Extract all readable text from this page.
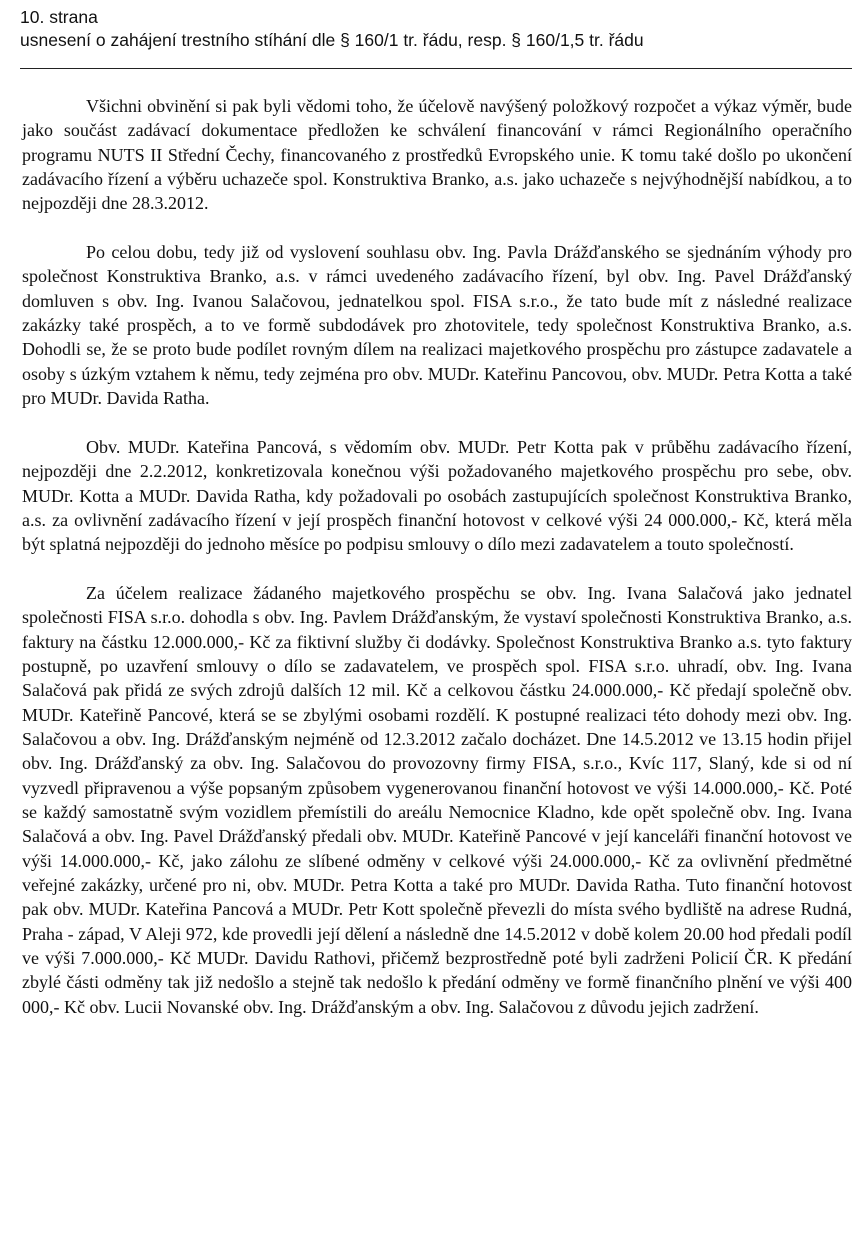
10. strana
usnesení o zahájení trestního stíhání dle § 160/1 tr. řádu, resp. § 160/1,5 tr. řádu

Všichni obvinění si pak byli vědomi toho, že účelově navýšený položkový rozpočet a výkaz výměr, bude jako součást zadávací dokumentace předložen ke schválení financování v rámci Regionálního operačního programu NUTS II Střední Čechy, financovaného z prostředků Evropského unie. K tomu také došlo po ukončení zadávacího řízení a výběru uchazeče spol. Konstruktiva Branko, a.s. jako uchazeče s nejvýhodnější nabídkou, a to nejpozději dne 28.3.2012.

Po celou dobu, tedy již od vyslovení souhlasu obv. Ing. Pavla Drážďanského se sjednáním výhody pro společnost Konstruktiva Branko, a.s. v rámci uvedeného zadávacího řízení, byl obv. Ing. Pavel Drážďanský domluven s obv. Ing. Ivanou Salačovou, jednatelkou spol. FISA s.r.o., že tato bude mít z následné realizace zakázky také prospěch, a to ve formě subdodávek pro zhotovitele, tedy společnost Konstruktiva Branko, a.s. Dohodli se, že se proto bude podílet rovným dílem na realizaci majetkového prospěchu pro zástupce zadavatele a osoby s úzkým vztahem k němu, tedy zejména pro obv. MUDr. Kateřinu Pancovou, obv. MUDr. Petra Kotta a také pro MUDr. Davida Ratha.

Obv. MUDr. Kateřina Pancová, s vědomím obv. MUDr. Petr Kotta pak v průběhu zadávacího řízení, nejpozději dne 2.2.2012, konkretizovala konečnou výši požadovaného majetkového prospěchu pro sebe, obv. MUDr. Kotta a MUDr. Davida Ratha, kdy požadovali po osobách zastupujících společnost Konstruktiva Branko, a.s. za ovlivnění zadávacího řízení v její prospěch finanční hotovost v celkové výši 24 000.000,- Kč, která měla být splatná nejpozději do jednoho měsíce po podpisu smlouvy o dílo mezi zadavatelem a touto společností.

Za účelem realizace žádaného majetkového prospěchu se obv. Ing. Ivana Salačová jako jednatel společnosti FISA s.r.o. dohodla s obv. Ing. Pavlem Drážďanským, že vystaví společnosti Konstruktiva Branko, a.s. faktury na částku 12.000.000,- Kč za fiktivní služby či dodávky. Společnost Konstruktiva Branko a.s. tyto faktury postupně, po uzavření smlouvy o dílo se zadavatelem, ve prospěch spol. FISA s.r.o. uhradí, obv. Ing. Ivana Salačová pak přidá ze svých zdrojů dalších 12 mil. Kč a celkovou částku 24.000.000,- Kč předají společně obv. MUDr. Kateřině Pancové, která se se zbylými osobami rozdělí. K postupné realizaci této dohody mezi obv. Ing. Salačovou a obv. Ing. Drážďanským nejméně od 12.3.2012 začalo docházet. Dne 14.5.2012 ve 13.15 hodin přijel obv. Ing. Drážďanský za obv. Ing. Salačovou do provozovny firmy FISA, s.r.o., Kvíc 117, Slaný, kde si od ní vyzvedl připravenou a výše popsaným způsobem vygenerovanou finanční hotovost ve výši 14.000.000,- Kč. Poté se každý samostatně svým vozidlem přemístili do areálu Nemocnice Kladno, kde opět společně obv. Ing. Ivana Salačová a obv. Ing. Pavel Drážďanský předali obv. MUDr. Kateřině Pancové v její kanceláři finanční hotovost ve výši 14.000.000,- Kč, jako zálohu ze slíbené odměny v celkové výši 24.000.000,- Kč za ovlivnění předmětné veřejné zakázky, určené pro ni, obv. MUDr. Petra Kotta a také pro MUDr. Davida Ratha. Tuto finanční hotovost pak obv. MUDr. Kateřina Pancová a MUDr. Petr Kott společně převezli do místa svého bydliště na adrese Rudná, Praha - západ, V Aleji 972, kde provedli její dělení a následně dne 14.5.2012 v době kolem 20.00 hod předali podíl ve výši 7.000.000,- Kč MUDr. Davidu Rathovi, přičemž bezprostředně poté byli zadrženi Policií ČR. K předání zbylé části odměny tak již nedošlo a stejně tak nedošlo k předání odměny ve formě finančního plnění ve výši 400 000,- Kč obv. Lucii Novanské obv. Ing. Drážďanským a obv. Ing. Salačovou z důvodu jejich zadržení.
